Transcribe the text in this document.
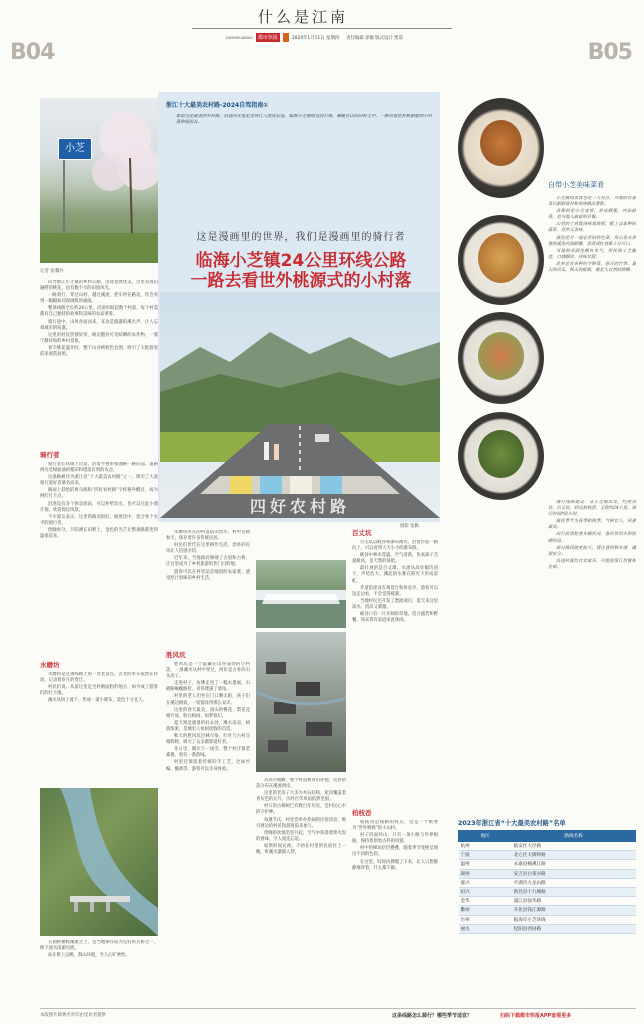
B04	B05
什么是江南
DUSHIKUAIBAO	都市快报	2024年1月11日 星期四 责任编辑 徐敏 版式设计 凯诺
小芝
记者 张馨丹

向导浙江小芝镇的乡村公路，沿途景致优美，这里有漫山遍野的桃花，也有数不尽的田园风光。

一路骑行，穿过山村，越过溪流，把车停在路边，你会看到一幅幅如同漫画般的画面。

整条线路全长约24公里，沿途串联起数个村落，每个村落都有自己独特的故事和美味的农家菜肴。

骑行途中，山风扑面而来，耳边是潺潺的溪水声，让人忘却城市的喧嚣。

这里的村民热情好客，路边随处可见晾晒的农作物，一派宁静祥和的乡村景象。

春天桃花盛开时，整个山谷被粉色包围，吸引了大批游客前来观赏拍照。

骑行者

骑行者们从镇上出发，沿着平整的柏油路一路向前。道路两旁是绿油油的稻田和错落有致的农舍。

这条路被评为浙江省“十大最美农村路”之一，吸引了大量骑行爱好者慕名而来。

路面上彩绘的斑马线和“四好农村路”字样格外醒目，成为网红打卡点。

沿途设有多个休息驿站，可以补给饮水，也可以在此小憩片刻，欣赏周边风景。

不少骑友表示，这里的路况很好，坡度适中，适合各个水平的骑行者。

傍晚时分，夕阳洒在田野上，金色的光芒让整条路都变得温柔起来。

水磨坊

水磨坊是这条线路上的一处老景点，古老的水车依然在转动，记录着岁月的变迁。

村民们说，从前这里是全村磨面粉的地方，如今成了游客们的打卡地。

溪水从坝上流下，形成一道小瀑布，景色十分宜人。

五洞桥横跨溪流之上，是当地保存较为完好的古桥之一，桥下流水清澈见底。

站在桥上远眺，群山环抱，令人心旷神怡。

浙江十大最美农村路-2024自驾指南①
都说这是最美的乡村路，沿途风光更是美得让人流连忘返。临海小芝镇的这段公路，蜿蜒在山间田野之中，一路向着世外桃源般的小村落伸展而去。
这是漫画里的世界，我们是漫画里的骑行者
临海小芝镇24公里环线公路
一路去看世外桃源式的小村落
四好农村路
摄影 张勤

水磨坊所在的村落依山傍水，村中古树参天，保存着许多传统民居。

村民们世代在这里耕作生活，淳朴的民风让人倍感亲切。

近年来，当地政府修缮了古道和古桥，让这里成为了乡村旅游的热门目的地。

游客可以在村里品尝地道的农家菜，感受原汁原味的乡村生活。

胜风坑

胜风坑是一个隐藏在山谷深处的小村落，一条溪水从村中穿过，两岸是古朴的石头房子。

走进村子，仿佛走进了一幅水墨画，石板路蜿蜒曲折，青苔爬满了墙角。

村里的老人们坐在门口晒太阳，孩子们在溪边嬉戏，一切都显得那么安详。

这里的春天最美，漫山的桃花、梨花竞相开放，粉白相间，如梦似幻。

夏天则是避暑的好去处，溪水清凉，树荫浓密，是城里人休闲度假的首选。

秋天的胜风坑层林尽染，红叶与古村交相辉映，吸引了众多摄影爱好者。

冬日里，偶尔下一场雪，整个村庄银装素裹，别有一番韵味。

村里还保留着传统的手工艺，比如竹编、酿酒等，游客可以亲身体验。

从高空俯瞰，整个村落被青山环抱，民居错落分布在溪流两岸。

这里的老房子大多为木石结构，屋顶覆盖着青灰色的瓦片，历经百年风雨依然坚固。

村口的古樟树已有数百年历史，是村民心中的守护神。

每逢节庆，村里会举办热闹的民俗活动，吸引周边的村民和游客前来参与。

傍晚的炊烟袅袅升起，空气中弥漫着柴火饭的香味，令人流连忘返。

如果时间充裕，不妨在村里的民宿住上一晚，听溪水潺潺入梦。

百丈坑

百丈坑以峡谷和瀑布闻名，沿着步道一路向上，可以看到大大小小的瀑布群。

峡谷中林木茂盛，空气清新，负氧离子含量极高，是天然的氧吧。

最壮观的是百丈瀑，水流从高处倾泻而下，声势浩大，溅起的水雾在阳光下形成彩虹。

步道沿途设有观景台和休息亭，游客可以边走边看，不会觉得疲累。

当地村民还开发了漂流项目，夏天来这里戏水，清凉又刺激。

峡谷口有一片开阔的草地，适合露营和野餐，周末常有家庭来此休闲。

柏枝岙

柏枝岙是线路的终点，这是一个被誉为“世外桃源”的小山村。

村子四面环山，只有一条小路与外界相通，保持着原始古朴的风貌。

村中的梯田层层叠叠，随着季节变换呈现出不同的色彩。

在这里，时间仿佛慢了下来，让人只想静静地待着，什么都不做。

自带小芝美味菜肴

小芝镇的美食也是一大亮点，当地的农家菜以新鲜食材和传统做法著称。

首推的是小芝麦饼，外皮酥脆，内馅鲜香，是当地人最爱的早餐。

山里的土鸡煲汤味道浓郁，配上自家种的蔬菜，营养又美味。

溪鱼是另一道必尝的特色菜，用山泉水养殖的溪鱼肉质鲜嫩，清蒸或红烧都十分可口。

当地的米酒也颇有名气，用传统工艺酿造，口感醇厚，回味甘甜。

此外还有各种时令野菜，春天的竹笋、夏天的苦瓜、秋天的板栗，都是大自然的馈赠。

骑行线路建议：从小芝镇出发，经胜风坑、百丈坑，到达柏枝岙，全程约24公里，骑行时间约3小时。

最佳季节为春季和秋季，气候宜人，风景最美。

出行前请检查车辆状况，备好饮用水和防晒用品。

部分路段坡度较大，请注意控制车速，确保安全。

沿途村落均有农家乐，可提前预订用餐和住宿。

2023年浙江省“十大最美农村路”名单
地区	路线名称
杭州	临安区大径路
宁波	北仑区大碶岭路
温州	永嘉县楠溪江路
湖州	安吉县白茶谷路
嘉兴	平湖市九龙山路
绍兴	新昌县十九峰路
金华	浦江县仙华路
衢州	开化县钱江源路
台州	临海市小芝环线
丽水	松阳县西屏路
本版图片除署名外均由受访者提供	这条线路怎么骑行？哪些季节适宜？	扫码下载都市快报APP查看更多
